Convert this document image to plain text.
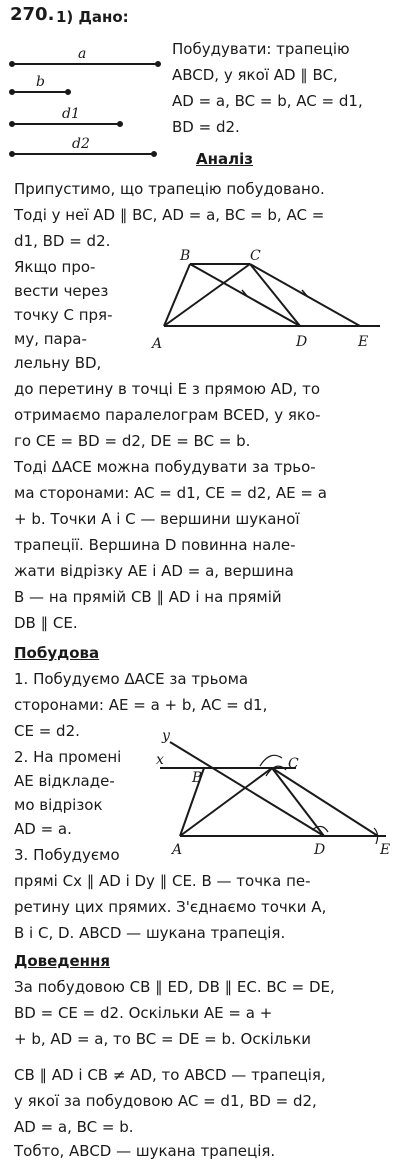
270. 1) Дано:
a
b
d1
d2
Побудувати: трапецію
ABCD, у якої AD ∥ BC,
AD = a, BC = b, AC = d1,
BD = d2.
Аналіз
Припустимо, що трапецію побудовано.
Тоді у неї AD ∥ BC, AD = a, BC = b, AC =
d1, BD = d2.
Якщо про-
вести через
точку C пря-
му, пара-
лельну BD,
B	C
A	D	E
до перетину в точці E з прямою AD, то
отримаємо паралелограм BCED, у яко-
го CE = BD = d2, DE = BC = b.
Тоді ΔACE можна побудувати за трьо-
ма сторонами: AC = d1, CE = d2, AE = a
+ b. Точки A і C — вершини шуканої
трапеції. Вершина D повинна нале-
жати відрізку AE і AD = a, вершина
B — на прямій CB ∥ AD і на прямій
DB ∥ CE.
Побудова
1. Побудуємо ΔACE за трьома
сторонами: AE = a + b, AC = d1,
CE = d2.
2. На промені
AE відкладе-
мо відрізок
AD = a.
3. Побудуємо
y
x
B
C
A	D	E
прямі Cx ∥ AD і Dy ∥ CE. B — точка пе-
ретину цих прямих. З'єднаємо точки A,
B і C, D. ABCD — шукана трапеція.
Доведення
За побудовою CB ∥ ED, DB ∥ EC. BC = DE,
BD = CE = d2. Оскільки AE = a +
+ b, AD = a, то BC = DE = b. Оскільки
CB ∥ AD і CB ≠ AD, то ABCD — трапеція,
у якої за побудовою AC = d1, BD = d2,
AD = a, BC = b.
Тобто, ABCD — шукана трапеція.
